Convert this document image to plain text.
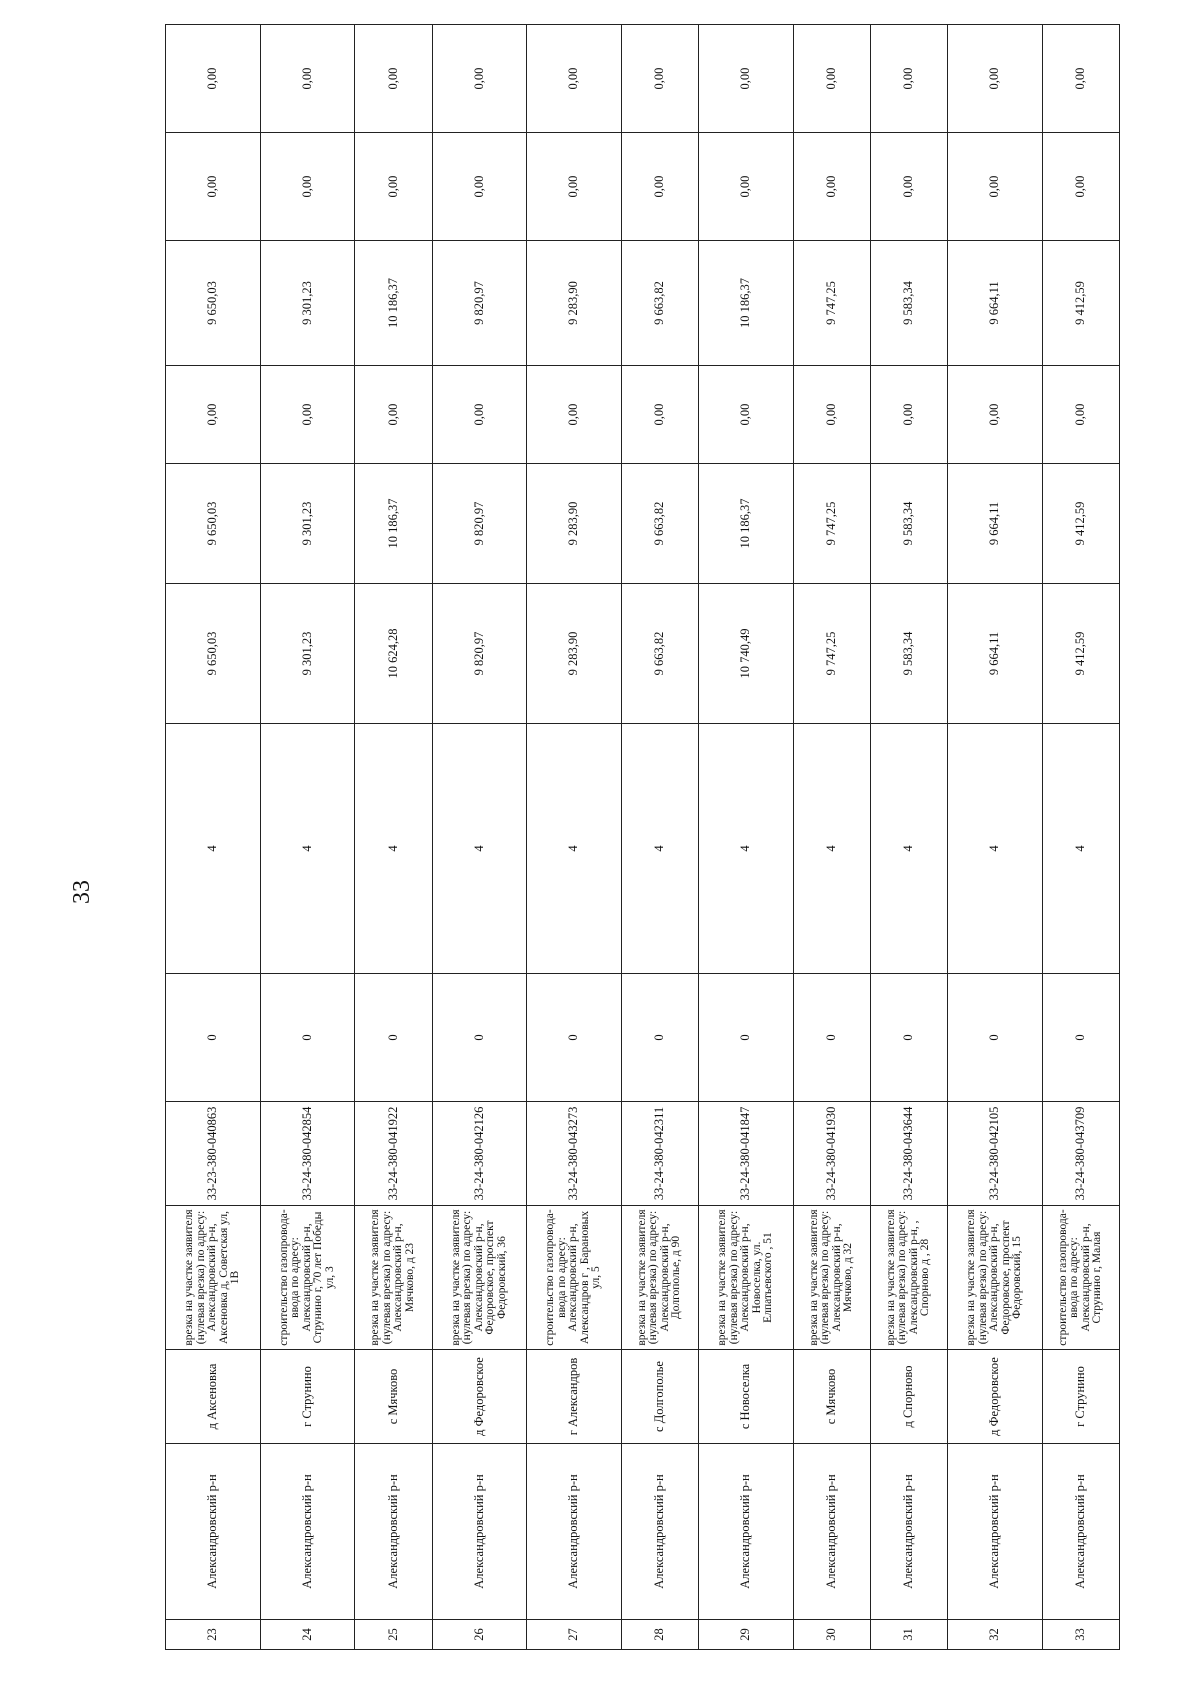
33
23	Александровский р-н	д Аксеновка	врезка на участке заявителя (нулевая врезка) по адресу: Александровский р-н, Аксеновка д, Советская ул, 1В	33-23-380-040863	0	4	9 650,03	9 650,03	0,00	9 650,03	0,00	0,00
24	Александровский р-н	г Струнино	строительство газопровода-ввода по адресу: Александровский р-н, Струнино г, 70 лет Победы ул, 3	33-24-380-042854	0	4	9 301,23	9 301,23	0,00	9 301,23	0,00	0,00
25	Александровский р-н	с Мячково	врезка на участке заявителя (нулевая врезка) по адресу: Александровский р-н, Мячково, д 23	33-24-380-041922	0	4	10 624,28	10 186,37	0,00	10 186,37	0,00	0,00
26	Александровский р-н	д Федоровское	врезка на участке заявителя (нулевая врезка) по адресу: Александровский р-н, Федоровское, проспект Федоровский, 36	33-24-380-042126	0	4	9 820,97	9 820,97	0,00	9 820,97	0,00	0,00
27	Александровский р-н	г Александров	строительство газопровода-ввода по адресу: Александровский р-н, Александров г , Барановых ул, 5	33-24-380-043273	0	4	9 283,90	9 283,90	0,00	9 283,90	0,00	0,00
28	Александровский р-н	с Долгополье	врезка на участке заявителя (нулевая врезка) по адресу: Александровский р-н, Долгополье, д 90	33-24-380-042311	0	4	9 663,82	9 663,82	0,00	9 663,82	0,00	0,00
29	Александровский р-н	с Новоселка	врезка на участке заявителя (нулевая врезка) по адресу: Александровский р-н, Новоселка, ул. Елпатьевского , 51	33-24-380-041847	0	4	10 740,49	10 186,37	0,00	10 186,37	0,00	0,00
30	Александровский р-н	с Мячково	врезка на участке заявителя (нулевая врезка) по адресу: Александровский р-н, Мячково, д 32	33-24-380-041930	0	4	9 747,25	9 747,25	0,00	9 747,25	0,00	0,00
31	Александровский р-н	д Спорново	врезка на участке заявителя (нулевая врезка) по адресу: Александровский р-н, , Спорново д , 28	33-24-380-043644	0	4	9 583,34	9 583,34	0,00	9 583,34	0,00	0,00
32	Александровский р-н	д Федоровское	врезка на участке заявителя (нулевая врезка) по адресу: Александровский р-н, Федоровское, проспект Федоровский, 15	33-24-380-042105	0	4	9 664,11	9 664,11	0,00	9 664,11	0,00	0,00
33	Александровский р-н	г Струнино	строительство газопровода-ввода по адресу: Александровский р-н, Струнино г, Малая	33-24-380-043709	0	4	9 412,59	9 412,59	0,00	9 412,59	0,00	0,00
